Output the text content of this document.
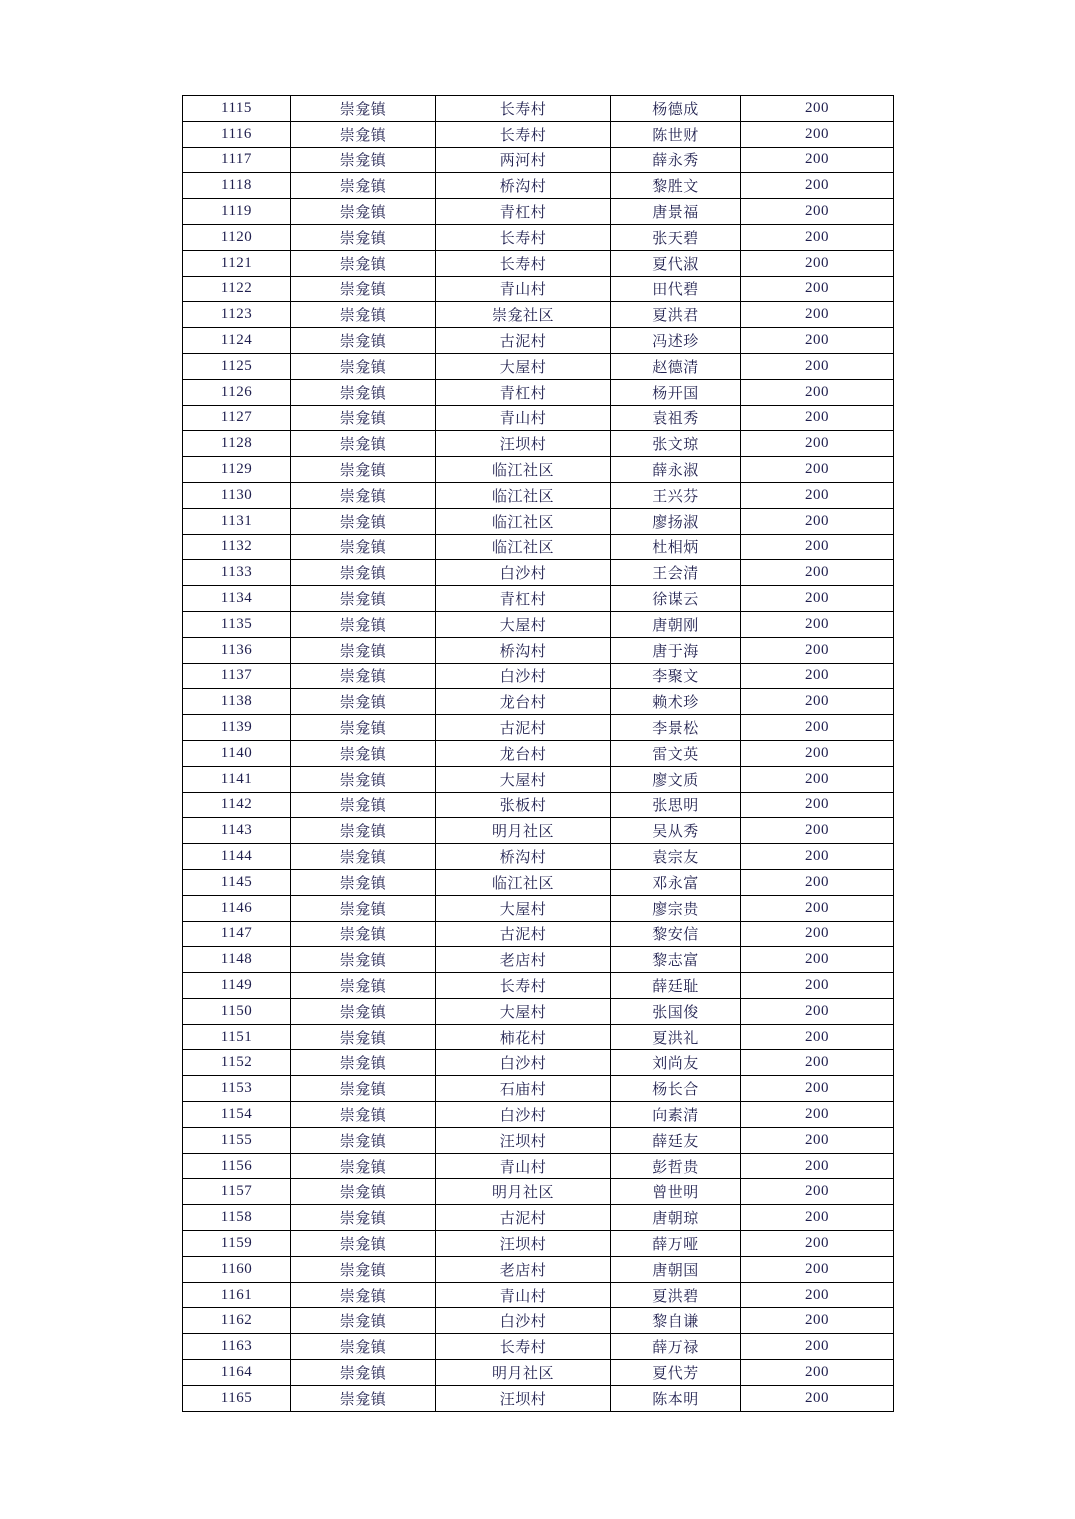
1115	崇龛镇	长寿村	杨德成	200
1116	崇龛镇	长寿村	陈世财	200
1117	崇龛镇	两河村	薛永秀	200
1118	崇龛镇	桥沟村	黎胜文	200
1119	崇龛镇	青杠村	唐景福	200
1120	崇龛镇	长寿村	张天碧	200
1121	崇龛镇	长寿村	夏代淑	200
1122	崇龛镇	青山村	田代碧	200
1123	崇龛镇	崇龛社区	夏洪君	200
1124	崇龛镇	古泥村	冯述珍	200
1125	崇龛镇	大屋村	赵德清	200
1126	崇龛镇	青杠村	杨开国	200
1127	崇龛镇	青山村	袁祖秀	200
1128	崇龛镇	汪坝村	张文琼	200
1129	崇龛镇	临江社区	薛永淑	200
1130	崇龛镇	临江社区	王兴芬	200
1131	崇龛镇	临江社区	廖扬淑	200
1132	崇龛镇	临江社区	杜相炳	200
1133	崇龛镇	白沙村	王会清	200
1134	崇龛镇	青杠村	徐谋云	200
1135	崇龛镇	大屋村	唐朝刚	200
1136	崇龛镇	桥沟村	唐于海	200
1137	崇龛镇	白沙村	李聚文	200
1138	崇龛镇	龙台村	赖术珍	200
1139	崇龛镇	古泥村	李景松	200
1140	崇龛镇	龙台村	雷文英	200
1141	崇龛镇	大屋村	廖文质	200
1142	崇龛镇	张板村	张思明	200
1143	崇龛镇	明月社区	吴从秀	200
1144	崇龛镇	桥沟村	袁宗友	200
1145	崇龛镇	临江社区	邓永富	200
1146	崇龛镇	大屋村	廖宗贵	200
1147	崇龛镇	古泥村	黎安信	200
1148	崇龛镇	老店村	黎志富	200
1149	崇龛镇	长寿村	薛廷耻	200
1150	崇龛镇	大屋村	张国俊	200
1151	崇龛镇	柿花村	夏洪礼	200
1152	崇龛镇	白沙村	刘尚友	200
1153	崇龛镇	石庙村	杨长合	200
1154	崇龛镇	白沙村	向素清	200
1155	崇龛镇	汪坝村	薛廷友	200
1156	崇龛镇	青山村	彭哲贵	200
1157	崇龛镇	明月社区	曾世明	200
1158	崇龛镇	古泥村	唐朝琼	200
1159	崇龛镇	汪坝村	薛万哑	200
1160	崇龛镇	老店村	唐朝国	200
1161	崇龛镇	青山村	夏洪碧	200
1162	崇龛镇	白沙村	黎自谦	200
1163	崇龛镇	长寿村	薛万禄	200
1164	崇龛镇	明月社区	夏代芳	200
1165	崇龛镇	汪坝村	陈本明	200
